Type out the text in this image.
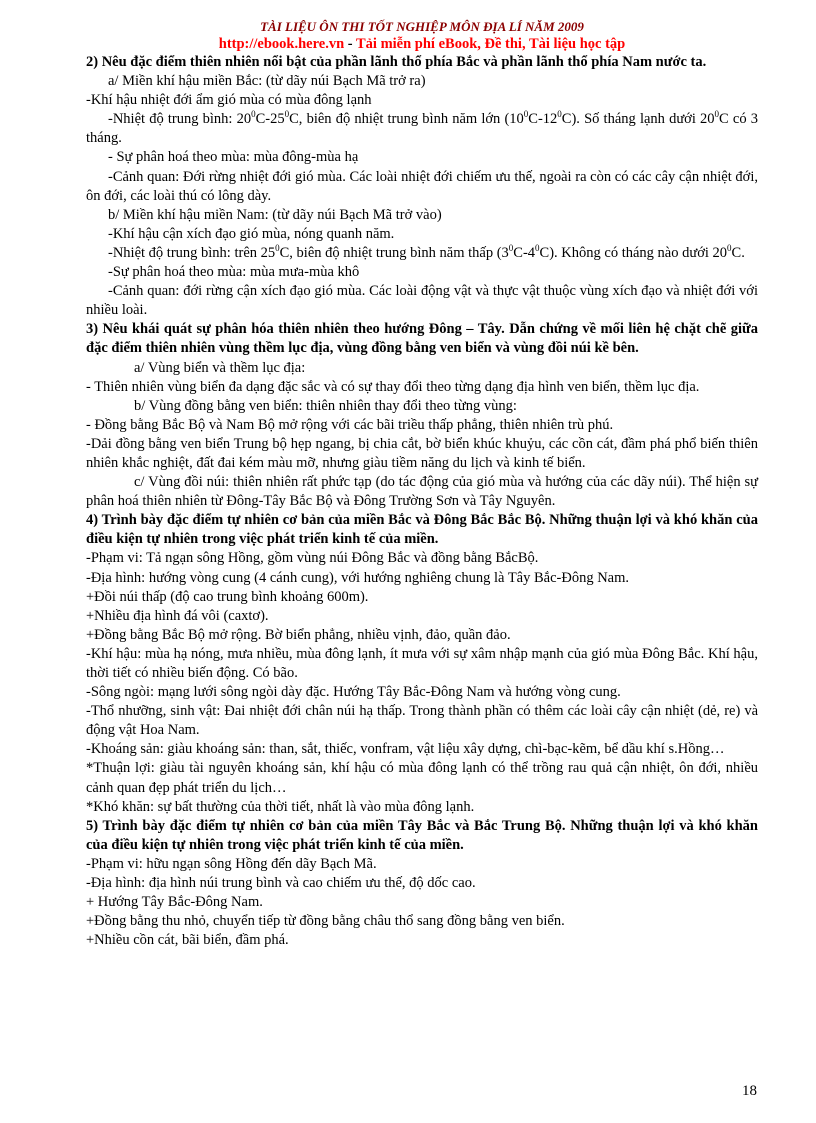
TÀI LIỆU ÔN THI TỐT NGHIỆP MÔN ĐỊA LÍ NĂM 2009
http://ebook.here.vn - Tải miễn phí eBook, Đề thi, Tài liệu học tập

2) Nêu đặc điểm thiên nhiên nổi bật của phần lãnh thổ phía Bắc và phần lãnh thổ phía Nam nước ta.

a/ Miền khí hậu miền Bắc: (từ dãy núi Bạch Mã trở ra)

-Khí hậu nhiệt đới ẩm gió mùa có mùa đông lạnh

-Nhiệt độ trung bình: $20^0C-25^0C$, biên độ nhiệt trung bình năm lớn $(10^0C-12^0C)$. Số tháng lạnh dưới $20^0C$ có 3 tháng.

- Sự phân hoá theo mùa: mùa đông-mùa hạ

-Cảnh quan: Đới rừng nhiệt đới gió mùa. Các loài nhiệt đới chiếm ưu thế, ngoài ra còn có các cây cận nhiệt đới, ôn đới, các loài thú có lông dày.

b/ Miền khí hậu miền Nam: (từ dãy núi Bạch Mã trở vào)

-Khí hậu cận xích đạo gió mùa, nóng quanh năm.

-Nhiệt độ trung bình: trên $25^0C$, biên độ nhiệt trung bình năm thấp $(3^0C-4^0C)$. Không có tháng nào dưới $20^0C$.

-Sự phân hoá theo mùa: mùa mưa-mùa khô

-Cảnh quan: đới rừng cận xích đạo gió mùa. Các loài động vật và thực vật thuộc vùng xích đạo và nhiệt đới với nhiều loài.

3) Nêu khái quát sự phân hóa thiên nhiên theo hướng Đông – Tây. Dẫn chứng về mối liên hệ chặt chẽ giữa đặc điểm thiên nhiên vùng thềm lục địa, vùng đồng bằng ven biển và vùng đồi núi kề bên.

a/ Vùng biển và thềm lục địa:

- Thiên nhiên vùng biển đa dạng đặc sắc và có sự thay đổi theo từng dạng địa hình ven biển, thềm lục địa.

b/ Vùng đồng bằng ven biển: thiên nhiên thay đổi theo từng vùng:

- Đồng bằng Bắc Bộ và Nam Bộ mở rộng với các bãi triều thấp phẳng, thiên nhiên trù phú.

-Dải đồng bằng ven biển Trung bộ hẹp ngang, bị chia cắt, bờ biển khúc khuỷu, các cồn cát, đầm phá phổ biến thiên nhiên khắc nghiệt, đất đai kém màu mỡ, nhưng giàu tiềm năng du lịch và kinh tế biển.

c/ Vùng đồi núi: thiên nhiên rất phức tạp (do tác động của gió mùa và hướng của các dãy núi). Thể hiện sự phân hoá thiên nhiên từ Đông-Tây Bắc Bộ và Đông Trường Sơn và Tây Nguyên.

4) Trình bày đặc điểm tự nhiên cơ bản của miền Bắc và Đông Bắc Bắc Bộ. Những thuận lợi và khó khăn của điều kiện tự nhiên trong việc phát triển kinh tế của miền.

-Phạm vi: Tả ngạn sông Hồng, gồm vùng núi Đông Bắc và đồng bằng BắcBộ.

-Địa hình: hướng vòng cung (4 cánh cung), với hướng nghiêng chung là Tây Bắc-Đông Nam.

+Đồi núi thấp (độ cao trung bình khoảng 600m).

+Nhiều địa hình đá vôi (caxtơ).

+Đồng bằng Bắc Bộ mở rộng. Bờ biển phẳng, nhiều vịnh, đảo, quần đảo.

-Khí hậu: mùa hạ nóng, mưa nhiều, mùa đông lạnh, ít mưa với sự xâm nhập mạnh của gió mùa Đông Bắc. Khí hậu, thời tiết có nhiều biến động. Có bão.

-Sông ngòi: mạng lưới sông ngòi dày đặc. Hướng Tây Bắc-Đông Nam và hướng vòng cung.

-Thổ nhưỡng, sinh vật: Đai nhiệt đới chân núi hạ thấp. Trong thành phần có thêm các loài cây cận nhiệt (dẻ, re) và động vật Hoa Nam.

-Khoáng sản: giàu khoáng sản: than, sắt, thiếc, vonfram, vật liệu xây dựng, chì-bạc-kẽm, bể dầu khí s.Hồng…

*Thuận lợi: giàu tài nguyên khoáng sản, khí hậu có mùa đông lạnh có thể trồng rau quả cận nhiệt, ôn đới, nhiều cảnh quan đẹp phát triển du lịch…

*Khó khăn: sự bất thường của thời tiết, nhất là vào mùa đông lạnh.

5) Trình bày đặc điểm tự nhiên cơ bản của miền Tây Bắc và Bắc Trung Bộ. Những thuận lợi và khó khăn của điều kiện tự nhiên trong việc phát triển kinh tế của miền.

-Phạm vi: hữu ngạn sông Hồng đến dãy Bạch Mã.

-Địa hình: địa hình núi trung bình và cao chiếm ưu thế, độ dốc cao.

+ Hướng Tây Bắc-Đông Nam.

+Đồng bằng thu nhỏ, chuyển tiếp từ đồng bằng châu thổ sang đồng bằng ven biển.

+Nhiều cồn cát, bãi biển, đầm phá.

18
